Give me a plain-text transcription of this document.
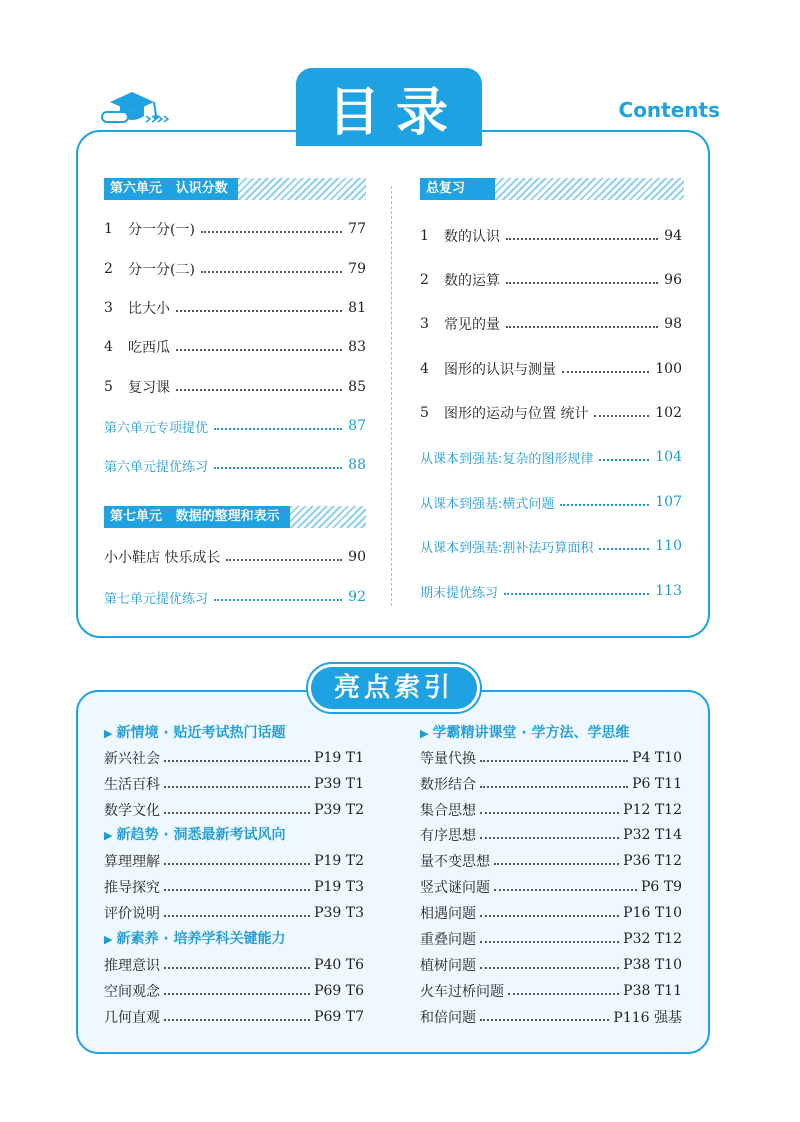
目录	Contents
第六单元   认识分数
1	分一分(一)	77
2	分一分(二)	79
3	比大小	81
4	吃西瓜	83
5	复习课	85
第六单元专项提优	87
第六单元提优练习	88
第七单元   数据的整理和表示
小小鞋店 快乐成长	90
第七单元提优练习	92
总复习
1	数的认识	94
2	数的运算	96
3	常见的量	98
4	图形的认识与测量	100
5	图形的运动与位置 统计	102
从课本到强基:复杂的图形规律	104
从课本到强基:横式问题	107
从课本到强基:割补法巧算面积	110
期末提优练习	113
亮点索引
▶ 新情境 · 贴近考试热门话题
新兴社会	P19 T1
生活百科	P39 T1
数学文化	P39 T2
▶ 新趋势 · 洞悉最新考试风向
算理理解	P19 T2
推导探究	P19 T3
评价说明	P39 T3
▶ 新素养 · 培养学科关键能力
推理意识	P40 T6
空间观念	P69 T6
几何直观	P69 T7
▶ 学霸精讲课堂 · 学方法、学思维
等量代换	P4 T10
数形结合	P6 T11
集合思想	P12 T12
有序思想	P32 T14
量不变思想	P36 T12
竖式谜问题	P6 T9
相遇问题	P16 T10
重叠问题	P32 T12
植树问题	P38 T10
火车过桥问题	P38 T11
和倍问题	P116 强基
